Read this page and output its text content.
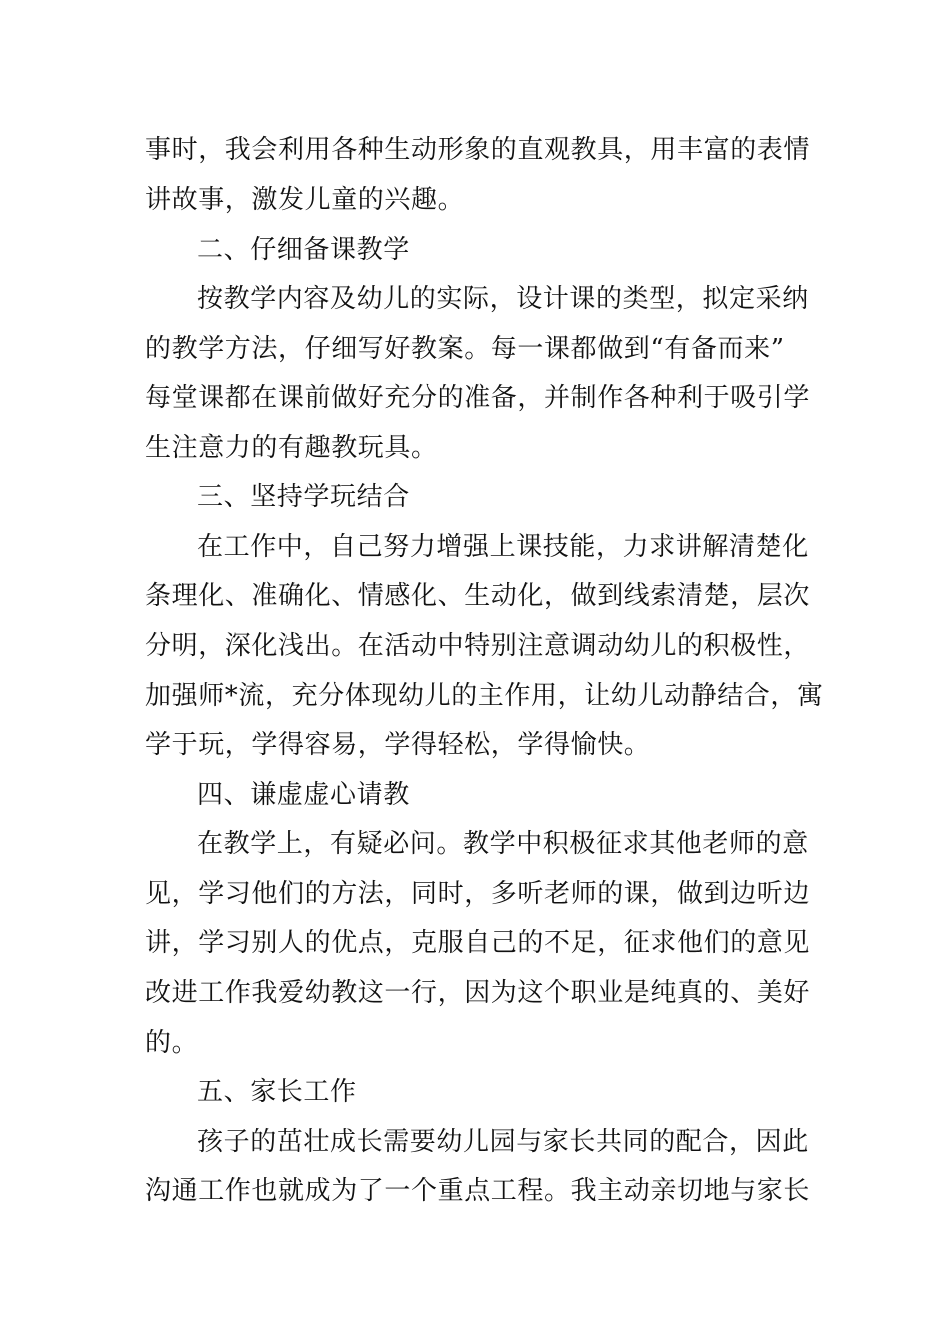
事时，我会利用各种生动形象的直观教具，用丰富的表情
讲故事，激发儿童的兴趣。
二、仔细备课教学
按教学内容及幼儿的实际，设计课的类型，拟定采纳
的教学方法，仔细写好教案。每一课都做到“有备而来”
每堂课都在课前做好充分的准备，并制作各种利于吸引学
生注意力的有趣教玩具。
三、坚持学玩结合
在工作中，自己努力增强上课技能，力求讲解清楚化
条理化、准确化、情感化、生动化，做到线索清楚，层次
分明，深化浅出。在活动中特别注意调动幼儿的积极性，
加强师*流，充分体现幼儿的主作用，让幼儿动静结合，寓
学于玩，学得容易，学得轻松，学得愉快。
四、谦虚虚心请教
在教学上，有疑必问。教学中积极征求其他老师的意
见，学习他们的方法，同时，多听老师的课，做到边听边
讲，学习别人的优点，克服自己的不足，征求他们的意见
改进工作我爱幼教这一行，因为这个职业是纯真的、美好
的。
五、家长工作
孩子的茁壮成长需要幼儿园与家长共同的配合，因此
沟通工作也就成为了一个重点工程。我主动亲切地与家长
